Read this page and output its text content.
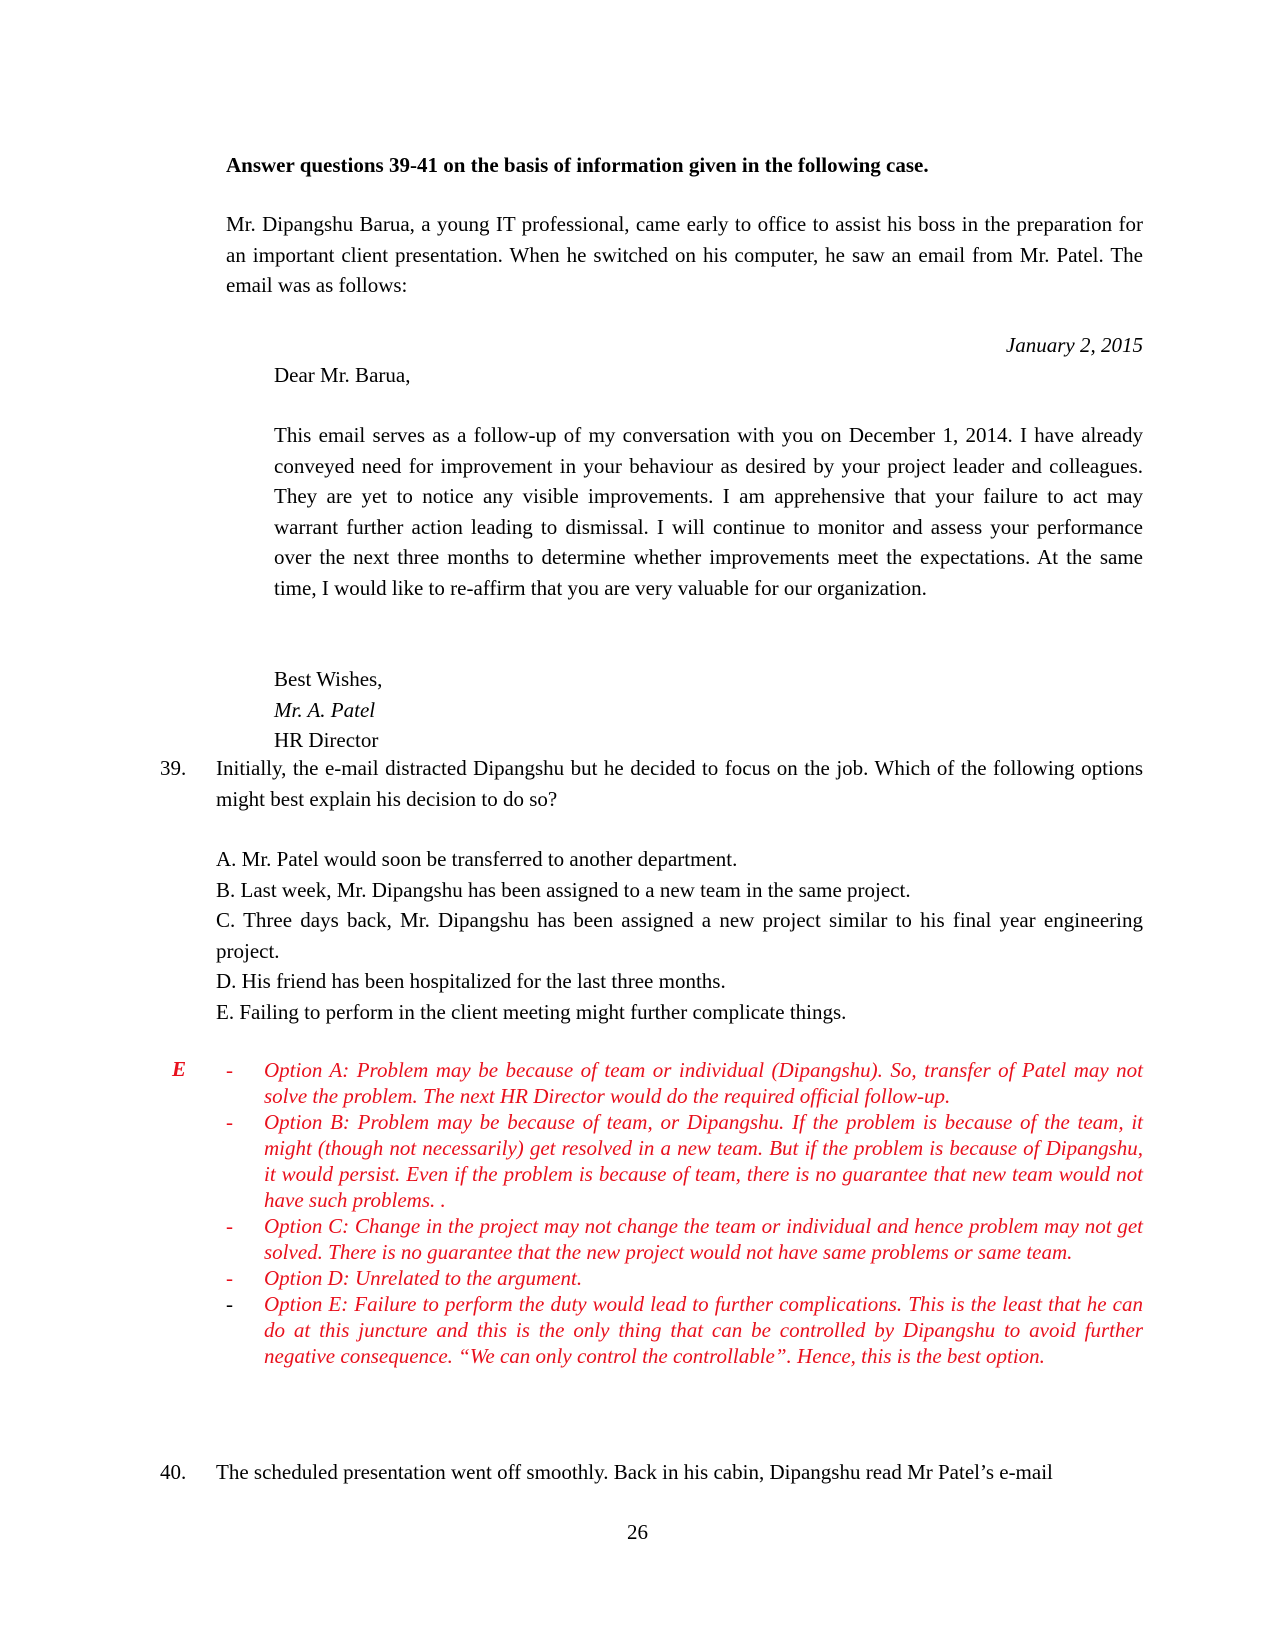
Answer questions 39-41 on the basis of information given in the following case.
Mr. Dipangshu Barua, a young IT professional, came early to office to assist his boss in the preparation for an important client presentation. When he switched on his computer, he saw an email from Mr. Patel. The email was as follows:
January 2, 2015
Dear Mr. Barua,
This email serves as a follow-up of my conversation with you on December 1, 2014. I have already conveyed need for improvement in your behaviour as desired by your project leader and colleagues. They are yet to notice any visible improvements. I am apprehensive that your failure to act may warrant further action leading to dismissal. I will continue to monitor and assess your performance over the next three months to determine whether improvements meet the expectations. At the same time, I would like to re-affirm that you are very valuable for our organization.
Best Wishes,
Mr. A. Patel
HR Director
39. Initially, the e-mail distracted Dipangshu but he decided to focus on the job. Which of the following options might best explain his decision to do so?
A. Mr. Patel would soon be transferred to another department.
B. Last week, Mr. Dipangshu has been assigned to a new team in the same project.
C. Three days back, Mr. Dipangshu has been assigned a new project similar to his final year engineering project.
D. His friend has been hospitalized for the last three months.
E. Failing to perform in the client meeting might further complicate things.
E - Option A: Problem may be because of team or individual (Dipangshu). So, transfer of Patel may not solve the problem. The next HR Director would do the required official follow-up.
- Option B: Problem may be because of team, or Dipangshu. If the problem is because of the team, it might (though not necessarily) get resolved in a new team. But if the problem is because of Dipangshu, it would persist. Even if the problem is because of team, there is no guarantee that new team would not have such problems. .
- Option C: Change in the project may not change the team or individual and hence problem may not get solved. There is no guarantee that the new project would not have same problems or same team.
- Option D: Unrelated to the argument.
- Option E: Failure to perform the duty would lead to further complications. This is the least that he can do at this juncture and this is the only thing that can be controlled by Dipangshu to avoid further negative consequence. “We can only control the controllable”. Hence, this is the best option.
40. The scheduled presentation went off smoothly. Back in his cabin, Dipangshu read Mr Patel’s e-mail
26
